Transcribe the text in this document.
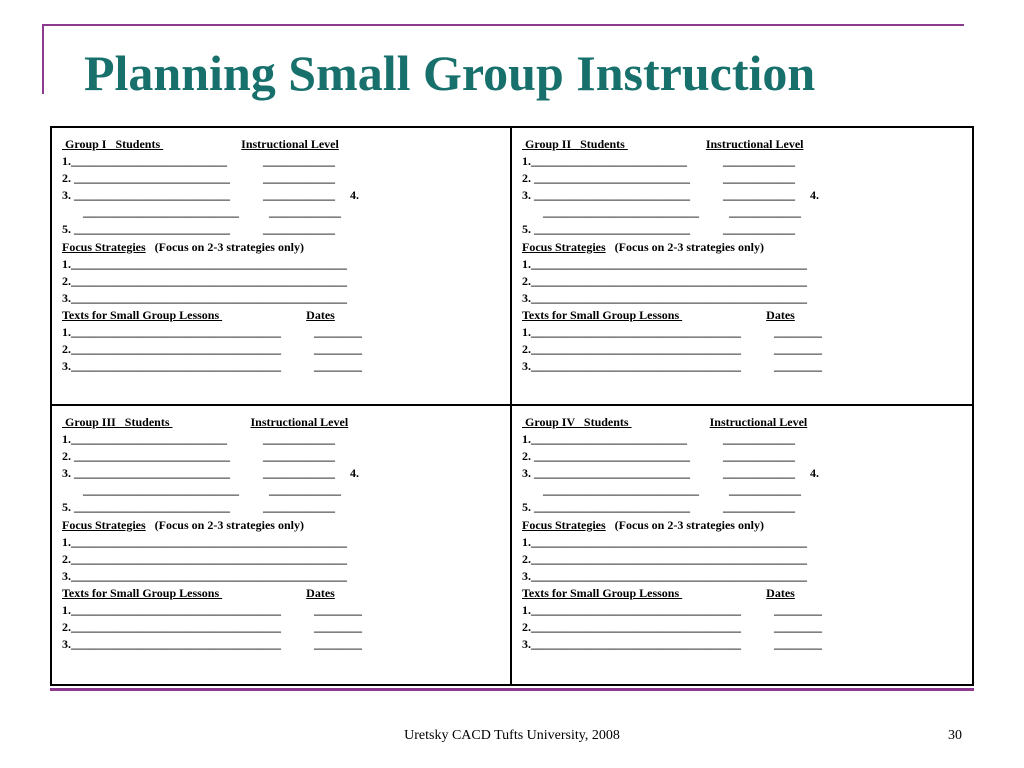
Planning Small Group Instruction
Group I   Students	Instructional Level
1.__________________________            ____________
2. __________________________           ____________
3. __________________________           ____________     4.
__________________________          ____________
5. __________________________           ____________
Focus Strategies   (Focus on 2-3 strategies only)
1.______________________________________________
2.______________________________________________
3.______________________________________________
Texts for Small Group Lessons	Dates
1.___________________________________           ________
2.___________________________________           ________
3.___________________________________           ________
Group II   Students	Instructional Level
1.__________________________            ____________
2. __________________________           ____________
3. __________________________           ____________     4.
__________________________          ____________
5. __________________________           ____________
Focus Strategies   (Focus on 2-3 strategies only)
1.______________________________________________
2.______________________________________________
3.______________________________________________
Texts for Small Group Lessons	Dates
1.___________________________________           ________
2.___________________________________           ________
3.___________________________________           ________
Group III   Students	Instructional Level
1.__________________________            ____________
2. __________________________           ____________
3. __________________________           ____________     4.
__________________________          ____________
5. __________________________           ____________
Focus Strategies   (Focus on 2-3 strategies only)
1.______________________________________________
2.______________________________________________
3.______________________________________________
Texts for Small Group Lessons	Dates
1.___________________________________           ________
2.___________________________________           ________
3.___________________________________           ________
Group IV   Students	Instructional Level
1.__________________________            ____________
2. __________________________           ____________
3. __________________________           ____________     4.
__________________________          ____________
5. __________________________           ____________
Focus Strategies   (Focus on 2-3 strategies only)
1.______________________________________________
2.______________________________________________
3.______________________________________________
Texts for Small Group Lessons	Dates
1.___________________________________           ________
2.___________________________________           ________
3.___________________________________           ________
Uretsky CACD Tufts University, 2008	30
